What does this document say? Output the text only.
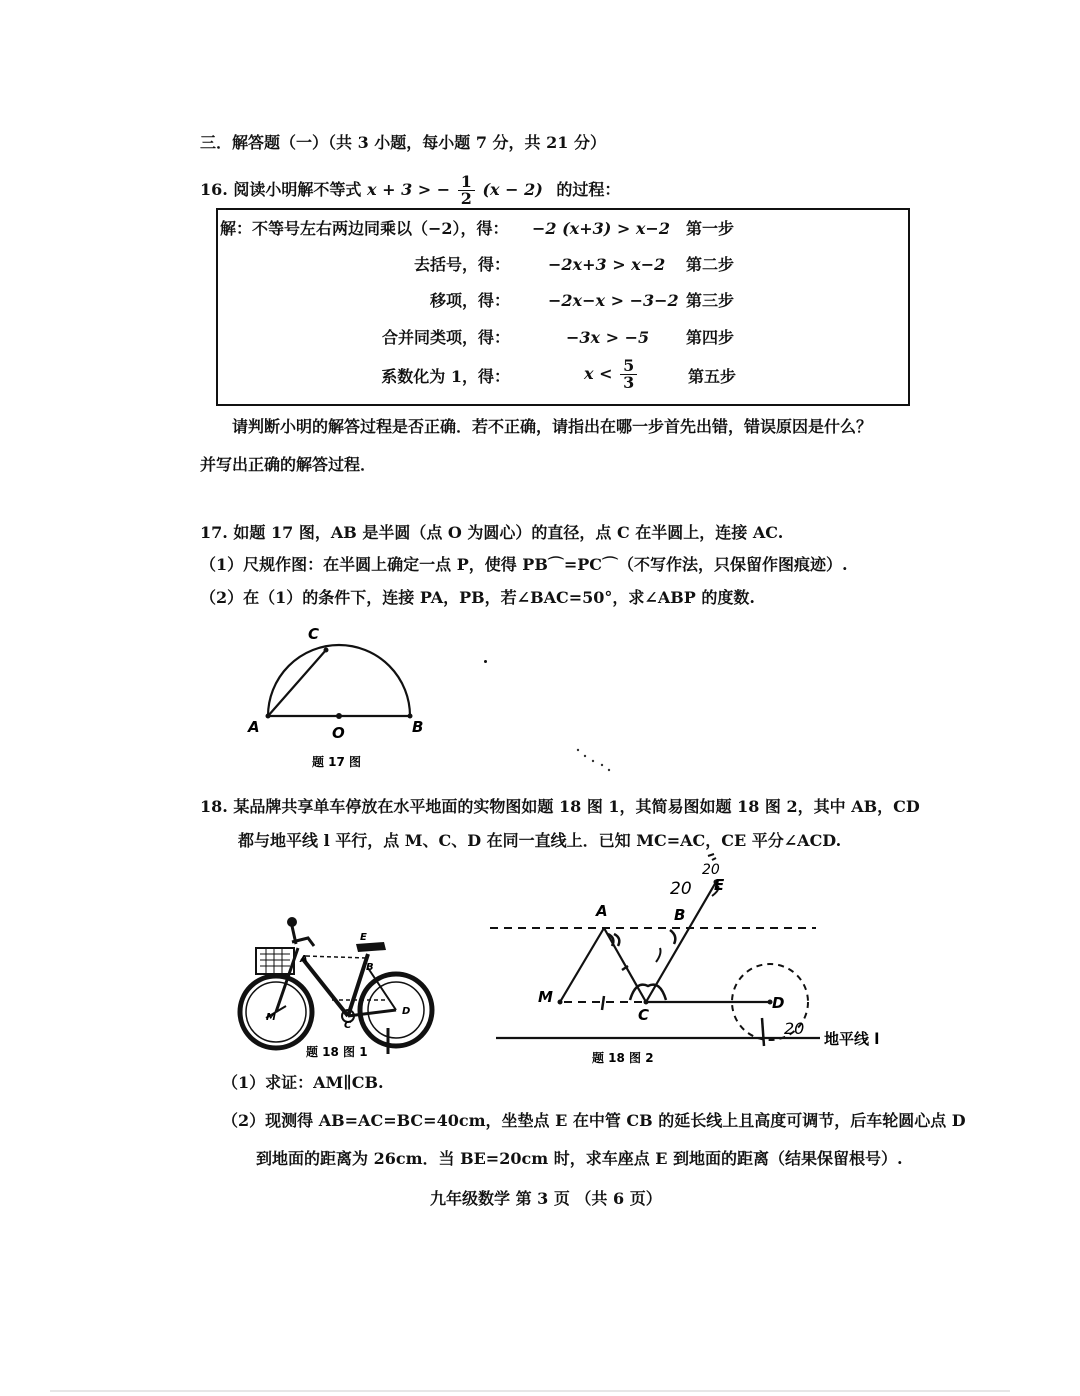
三．解答题（一）（共 3 小题，每小题 7 分，共 21 分）
16. 阅读小明解不等式 x + 3 > − $\frac{1}{2} (x - 2)$ 的过程：
解：不等号左右两边同乘以（−2），得： −2 (x+3) > x−2 第一步
去括号，得： −2x+3 > x−2 第二步
移项，得： −2x−x > −3−2 第三步
合并同类项，得：	−3x > −5 第四步
系数化为 1，得：	$x < \frac{5}{3}$	第五步
请判断小明的解答过程是否正确．若不正确，请指出在哪一步首先出错，错误原因是什么？
并写出正确的解答过程．
17. 如题 17 图，AB 是半圆（点 O 为圆心）的直径，点 C 在半圆上，连接 AC.
（1）尺规作图：在半圆上确定一点 P，使得 PB⌒=PC⌒（不写作法，只保留作图痕迹）.
（2）在（1）的条件下，连接 PA，PB，若∠BAC=50°，求∠ABP 的度数.
C
A	O	B
题 17 图
18. 某品牌共享单车停放在水平地面的实物图如题 18 图 1，其简易图如题 18 图 2，其中 AB，CD
都与地平线 l 平行，点 M、C、D 在同一直线上．已知 MC=AC，CE 平分∠ACD.
E
B
C
D
A
M
题 18 图 1
A	B
C
D
E
M
20
20
20
地平线 l
题 18 图 2
（1）求证：AM∥CB.
（2）现测得 AB=AC=BC=40cm，坐垫点 E 在中管 CB 的延长线上且高度可调节，后车轮圆心点 D
到地面的距离为 26cm．当 BE=20cm 时，求车座点 E 到地面的距离（结果保留根号）.
九年级数学 第 3 页 （共 6 页）
